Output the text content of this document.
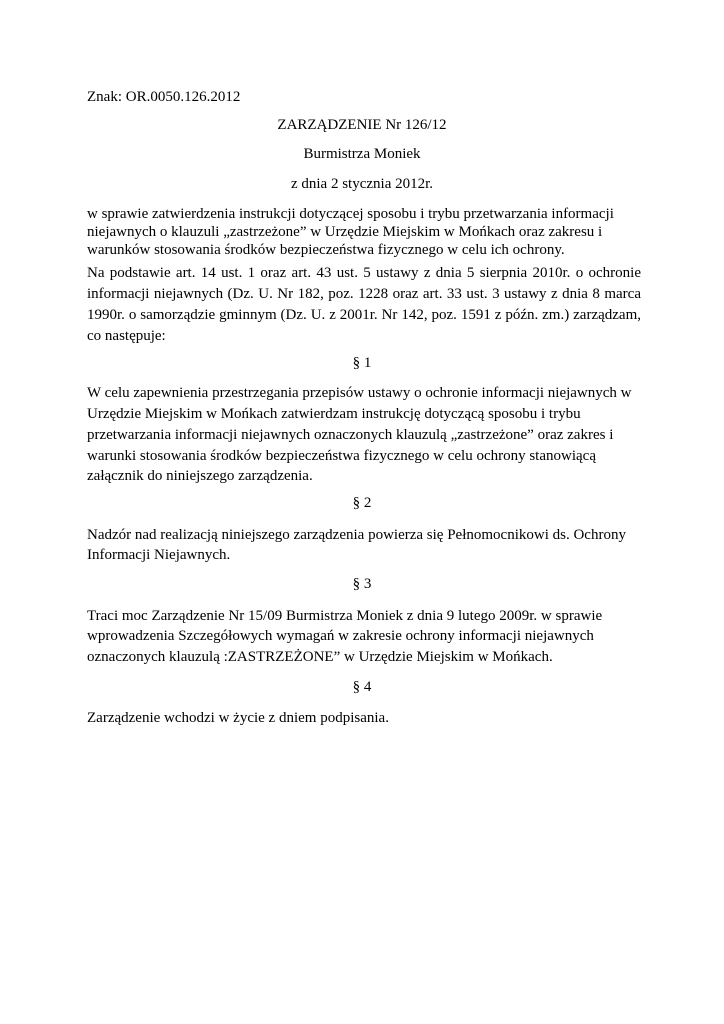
Znak: OR.0050.126.2012
ZARZĄDZENIE Nr 126/12
Burmistrza Moniek
z dnia 2 stycznia 2012r.
w sprawie zatwierdzenia instrukcji dotyczącej sposobu i trybu przetwarzania informacji
niejawnych o klauzuli „zastrzeżone” w Urzędzie Miejskim w Mońkach oraz zakresu i
warunków stosowania środków bezpieczeństwa fizycznego w celu ich ochrony.
Na podstawie art. 14 ust. 1 oraz art. 43 ust. 5 ustawy z dnia 5 sierpnia 2010r. o ochronie
informacji niejawnych (Dz. U. Nr 182, poz. 1228 oraz art. 33 ust. 3 ustawy z dnia 8 marca
1990r. o samorządzie gminnym (Dz. U. z 2001r. Nr 142, poz. 1591 z późn. zm.) zarządzam,
co następuje:
§ 1
W celu zapewnienia przestrzegania przepisów ustawy o ochronie informacji niejawnych w
Urzędzie Miejskim w Mońkach zatwierdzam instrukcję dotyczącą sposobu i trybu
przetwarzania informacji niejawnych oznaczonych klauzulą „zastrzeżone” oraz zakres i
warunki stosowania środków bezpieczeństwa fizycznego w celu ochrony stanowiącą
załącznik do niniejszego zarządzenia.
§ 2
Nadzór nad realizacją niniejszego zarządzenia powierza się Pełnomocnikowi ds. Ochrony
Informacji Niejawnych.
§ 3
Traci moc Zarządzenie Nr 15/09 Burmistrza Moniek z dnia 9 lutego 2009r. w sprawie
wprowadzenia Szczegółowych wymagań w zakresie ochrony informacji niejawnych
oznaczonych klauzulą :ZASTRZEŻONE” w Urzędzie Miejskim w Mońkach.
§ 4
Zarządzenie wchodzi w życie z dniem podpisania.
